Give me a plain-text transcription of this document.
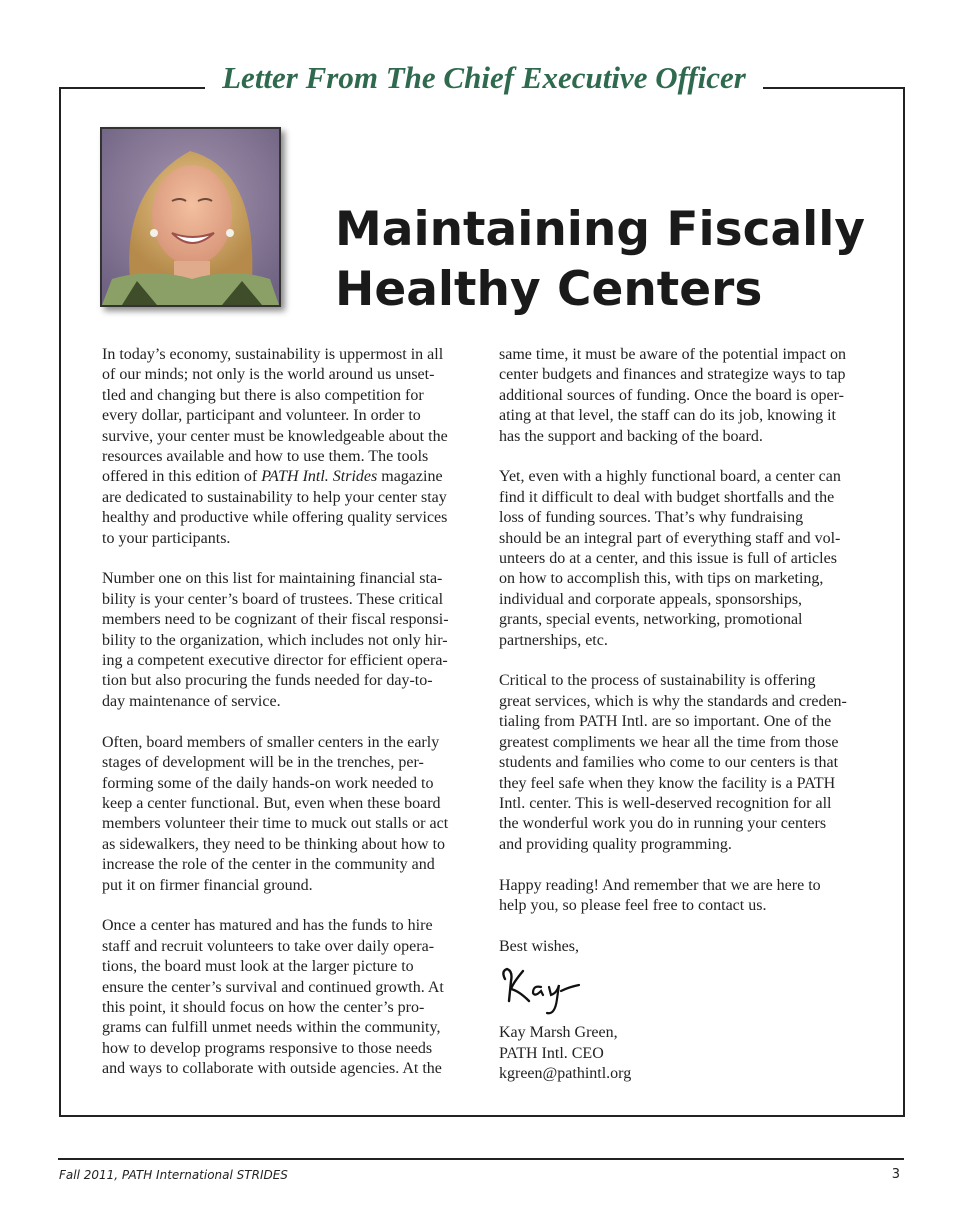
Letter From The Chief Executive Officer
Maintaining Fiscally Healthy Centers

In today’s economy, sustainability is uppermost in all
of our minds; not only is the world around us unset-
tled and changing but there is also competition for
every dollar, participant and volunteer. In order to
survive, your center must be knowledgeable about the
resources available and how to use them. The tools
offered in this edition of PATH Intl. Strides magazine
are dedicated to sustainability to help your center stay
healthy and productive while offering quality services
to your participants.

Number one on this list for maintaining financial sta-
bility is your center’s board of trustees. These critical
members need to be cognizant of their fiscal responsi-
bility to the organization, which includes not only hir-
ing a competent executive director for efficient opera-
tion but also procuring the funds needed for day-to-
day maintenance of service.

Often, board members of smaller centers in the early
stages of development will be in the trenches, per-
forming some of the daily hands-on work needed to
keep a center functional. But, even when these board
members volunteer their time to muck out stalls or act
as sidewalkers, they need to be thinking about how to
increase the role of the center in the community and
put it on firmer financial ground.

Once a center has matured and has the funds to hire
staff and recruit volunteers to take over daily opera-
tions, the board must look at the larger picture to
ensure the center’s survival and continued growth. At
this point, it should focus on how the center’s pro-
grams can fulfill unmet needs within the community,
how to develop programs responsive to those needs
and ways to collaborate with outside agencies. At the

same time, it must be aware of the potential impact on
center budgets and finances and strategize ways to tap
additional sources of funding. Once the board is oper-
ating at that level, the staff can do its job, knowing it
has the support and backing of the board.

Yet, even with a highly functional board, a center can
find it difficult to deal with budget shortfalls and the
loss of funding sources. That’s why fundraising
should be an integral part of everything staff and vol-
unteers do at a center, and this issue is full of articles
on how to accomplish this, with tips on marketing,
individual and corporate appeals, sponsorships,
grants, special events, networking, promotional
partnerships, etc.

Critical to the process of sustainability is offering
great services, which is why the standards and creden-
tialing from PATH Intl. are so important. One of the
greatest compliments we hear all the time from those
students and families who come to our centers is that
they feel safe when they know the facility is a PATH
Intl. center. This is well-deserved recognition for all
the wonderful work you do in running your centers
and providing quality programming.

Happy reading! And remember that we are here to
help you, so please feel free to contact us.

Best wishes,

Kay Marsh Green,
PATH Intl. CEO
kgreen@pathintl.org
Fall 2011, PATH International STRIDES	3
